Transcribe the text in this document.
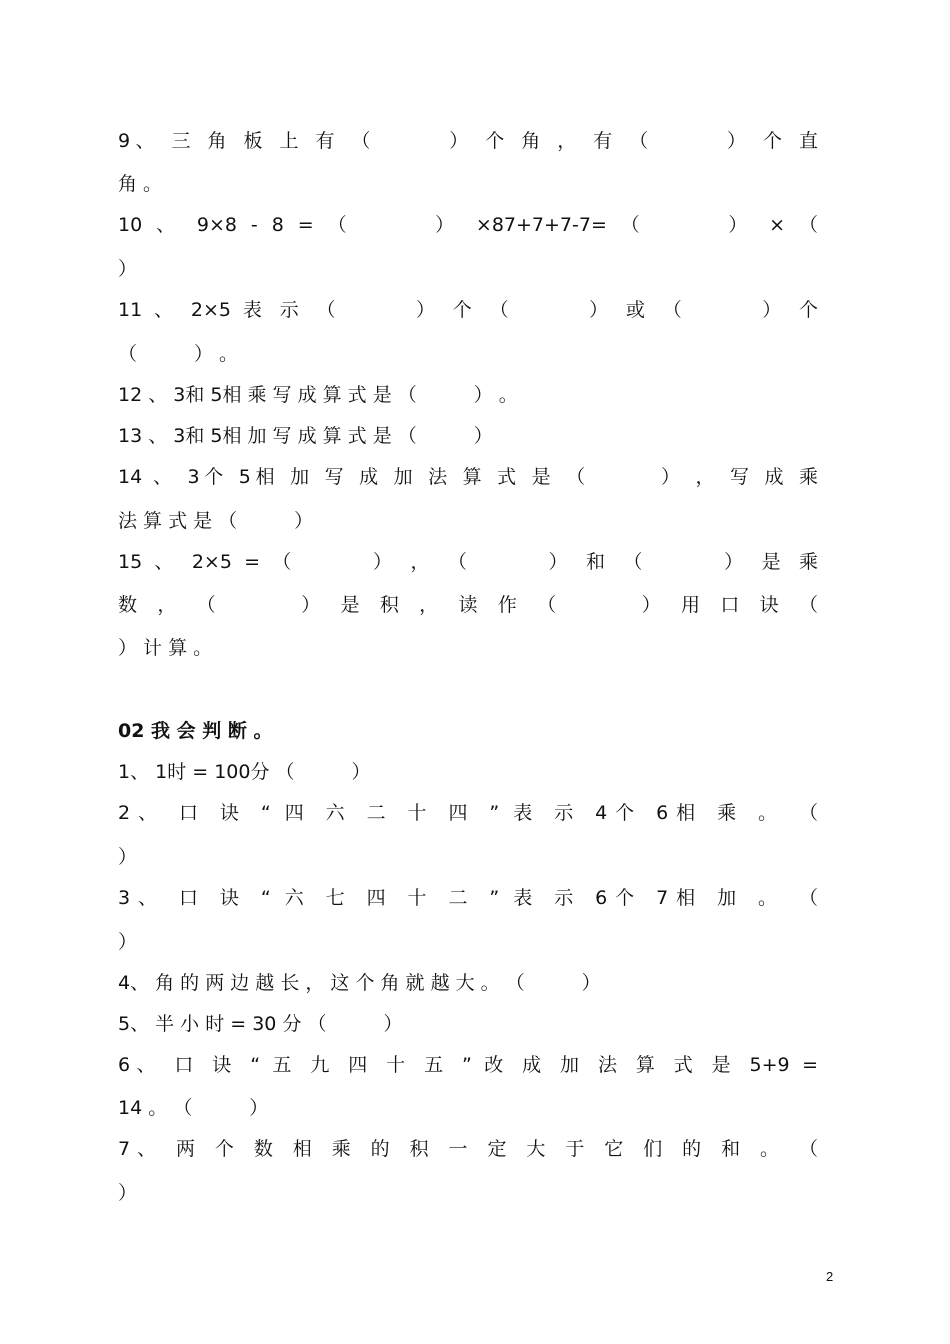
9、 三 角 板 上 有 （　　　） 个 角 ， 有 （　　　） 个 直
角 。
10 、 9×8 - 8 = （　　　） ×87+7+7-7= （　　　） × （
）
11 、 2×5 表 示 （　　　） 个 （　　　） 或 （　　　） 个
（　　　） 。
12 、 3和 5相 乘 写 成 算 式 是 （　　　） 。
13 、 3和 5相 加 写 成 算 式 是 （　　　）
14 、 3个 5相 加 写 成 加 法 算 式 是 （　　　） ， 写 成 乘
法 算 式 是 （　　　）
15 、 2×5 = （　　　） ， （　　　） 和 （　　　） 是 乘
数 ， （　　　） 是 积 ， 读 作 （　　　） 用 口 诀 （
） 计 算 。
02 我 会 判 断 。
1、 1时 = 100分 （　　　）
2、 口 诀 “ 四 六 二 十 四 ” 表 示 4个 6相 乘 。 （
）
3、 口 诀 “ 六 七 四 十 二 ” 表 示 6个 7相 加 。 （
）
4、 角 的 两 边 越 长 ， 这 个 角 就 越 大 。 （　　　）
5、 半 小 时 = 30 分 （　　　）
6、 口 诀 “ 五 九 四 十 五 ” 改 成 加 法 算 式 是 5+9 =
14 。 （　　　）
7、 两 个 数 相 乘 的 积 一 定 大 于 它 们 的 和 。 （
）
2
